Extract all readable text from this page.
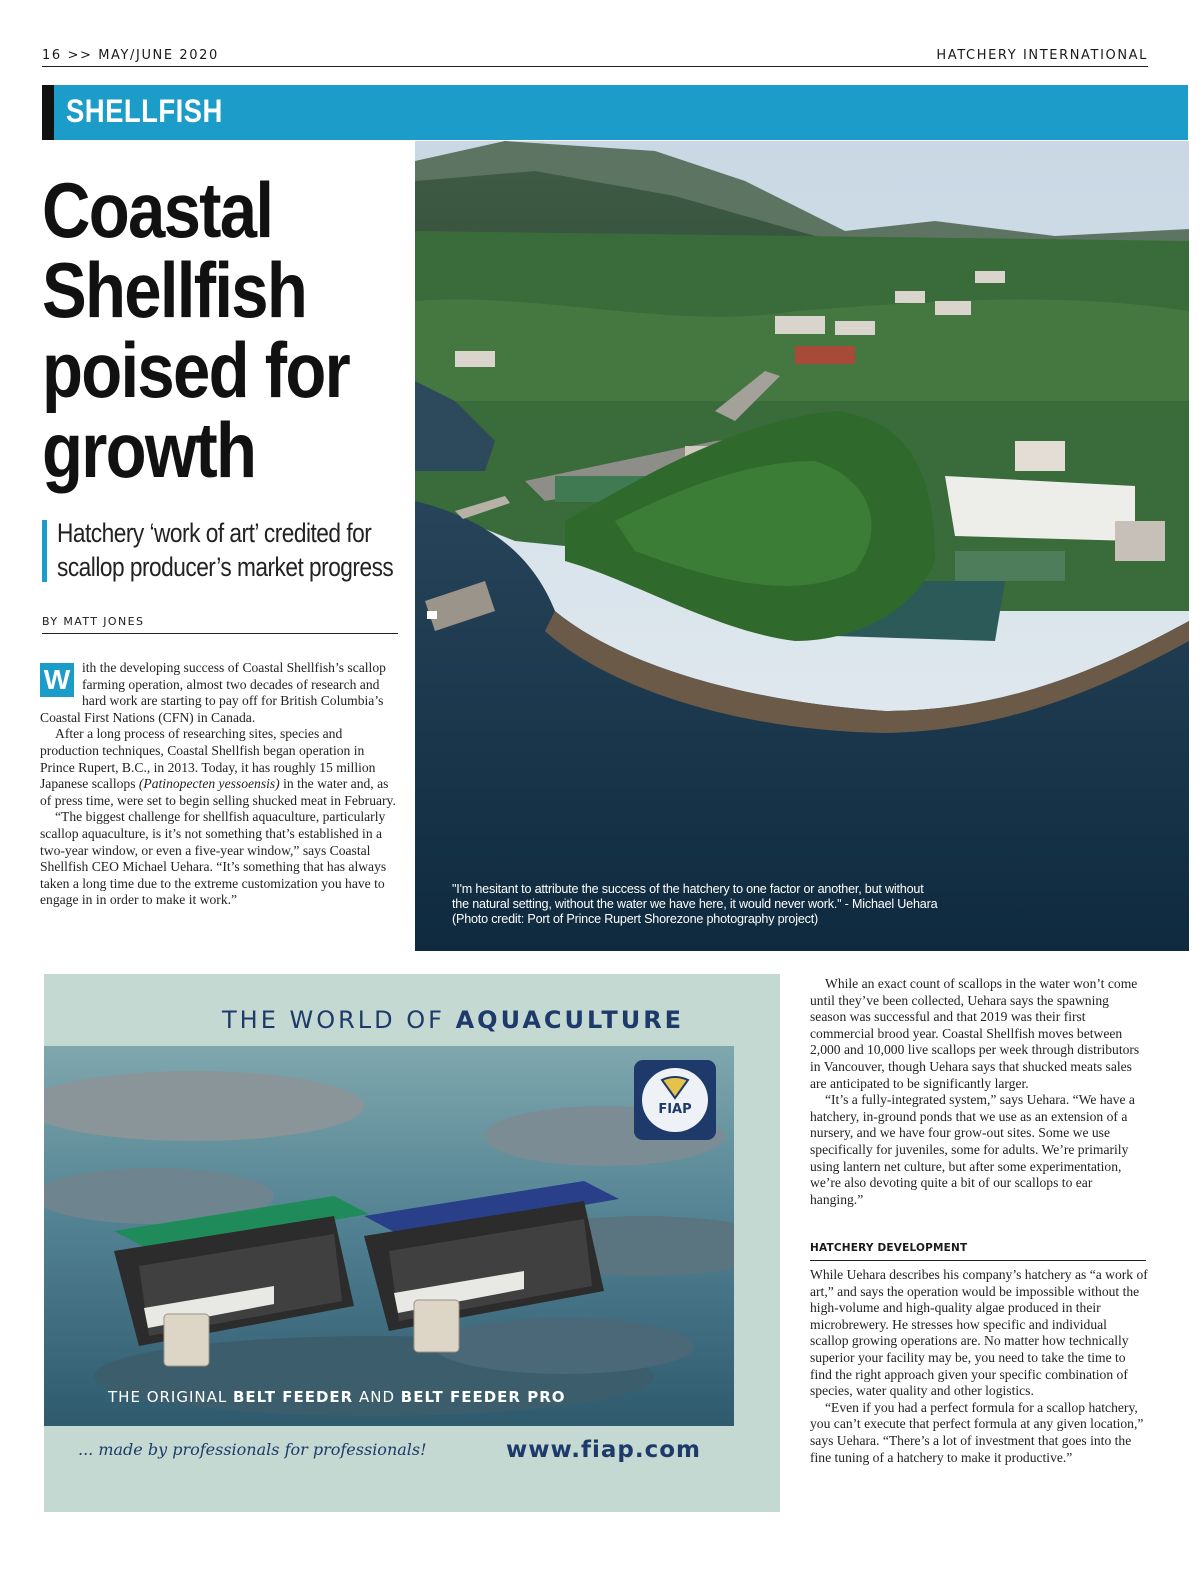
16 >> MAY/JUNE 2020	HATCHERY INTERNATIONAL
SHELLFISH
Coastal
Shellfish
poised for
growth
Hatchery ‘work of art’ credited for
scallop producer’s market progress
BY MATT JONES

W ith the developing success of Coastal Shellfish’s scallop farming operation, almost two decades of research and hard work are starting to pay off for British Columbia’s Coastal First Nations (CFN) in Canada.

After a long process of researching sites, species and production techniques, Coastal Shellfish began operation in Prince Rupert, B.C., in 2013. Today, it has roughly 15 million Japanese scallops (Patinopecten yessoensis) in the water and, as of press time, were set to begin selling shucked meat in February.

“The biggest challenge for shellfish aquaculture, particularly scallop aquaculture, is it’s not something that’s established in a two-year window, or even a five-year window,” says Coastal Shellfish CEO Michael Uehara. “It’s something that has always taken a long time due to the extreme customization you have to engage in in order to make it work.”

"I'm hesitant to attribute the success of the hatchery to one factor or another, but without
the natural setting, without the water we have here, it would never work." - Michael Uehara
(Photo credit: Port of Prince Rupert Shorezone photography project)
THE WORLD OF AQUACULTURE
FIAP
THE ORIGINAL BELT FEEDER AND BELT FEEDER PRO
... made by professionals for professionals!	www.fiap.com

While an exact count of scallops in the water won’t come until they’ve been collected, Uehara says the spawning season was successful and that 2019 was their first commercial brood year. Coastal Shellfish moves between 2,000 and 10,000 live scallops per week through distributors in Vancouver, though Uehara says that shucked meats sales are anticipated to be significantly larger.

“It’s a fully-integrated system,” says Uehara. “We have a hatchery, in-ground ponds that we use as an extension of a nursery, and we have four grow-out sites. Some we use specifically for juveniles, some for adults. We’re primarily using lantern net culture, but after some experimentation, we’re also devoting quite a bit of our scallops to ear hanging.”

HATCHERY DEVELOPMENT

While Uehara describes his company’s hatchery as “a work of art,” and says the operation would be impossible without the high-volume and high-quality algae produced in their microbrewery. He stresses how specific and individual scallop growing operations are. No matter how technically superior your facility may be, you need to take the time to find the right approach given your specific combination of species, water quality and other logistics.

“Even if you had a perfect formula for a scallop hatchery, you can’t execute that perfect formula at any given location,” says Uehara. “There’s a lot of investment that goes into the fine tuning of a hatchery to make it productive.”
